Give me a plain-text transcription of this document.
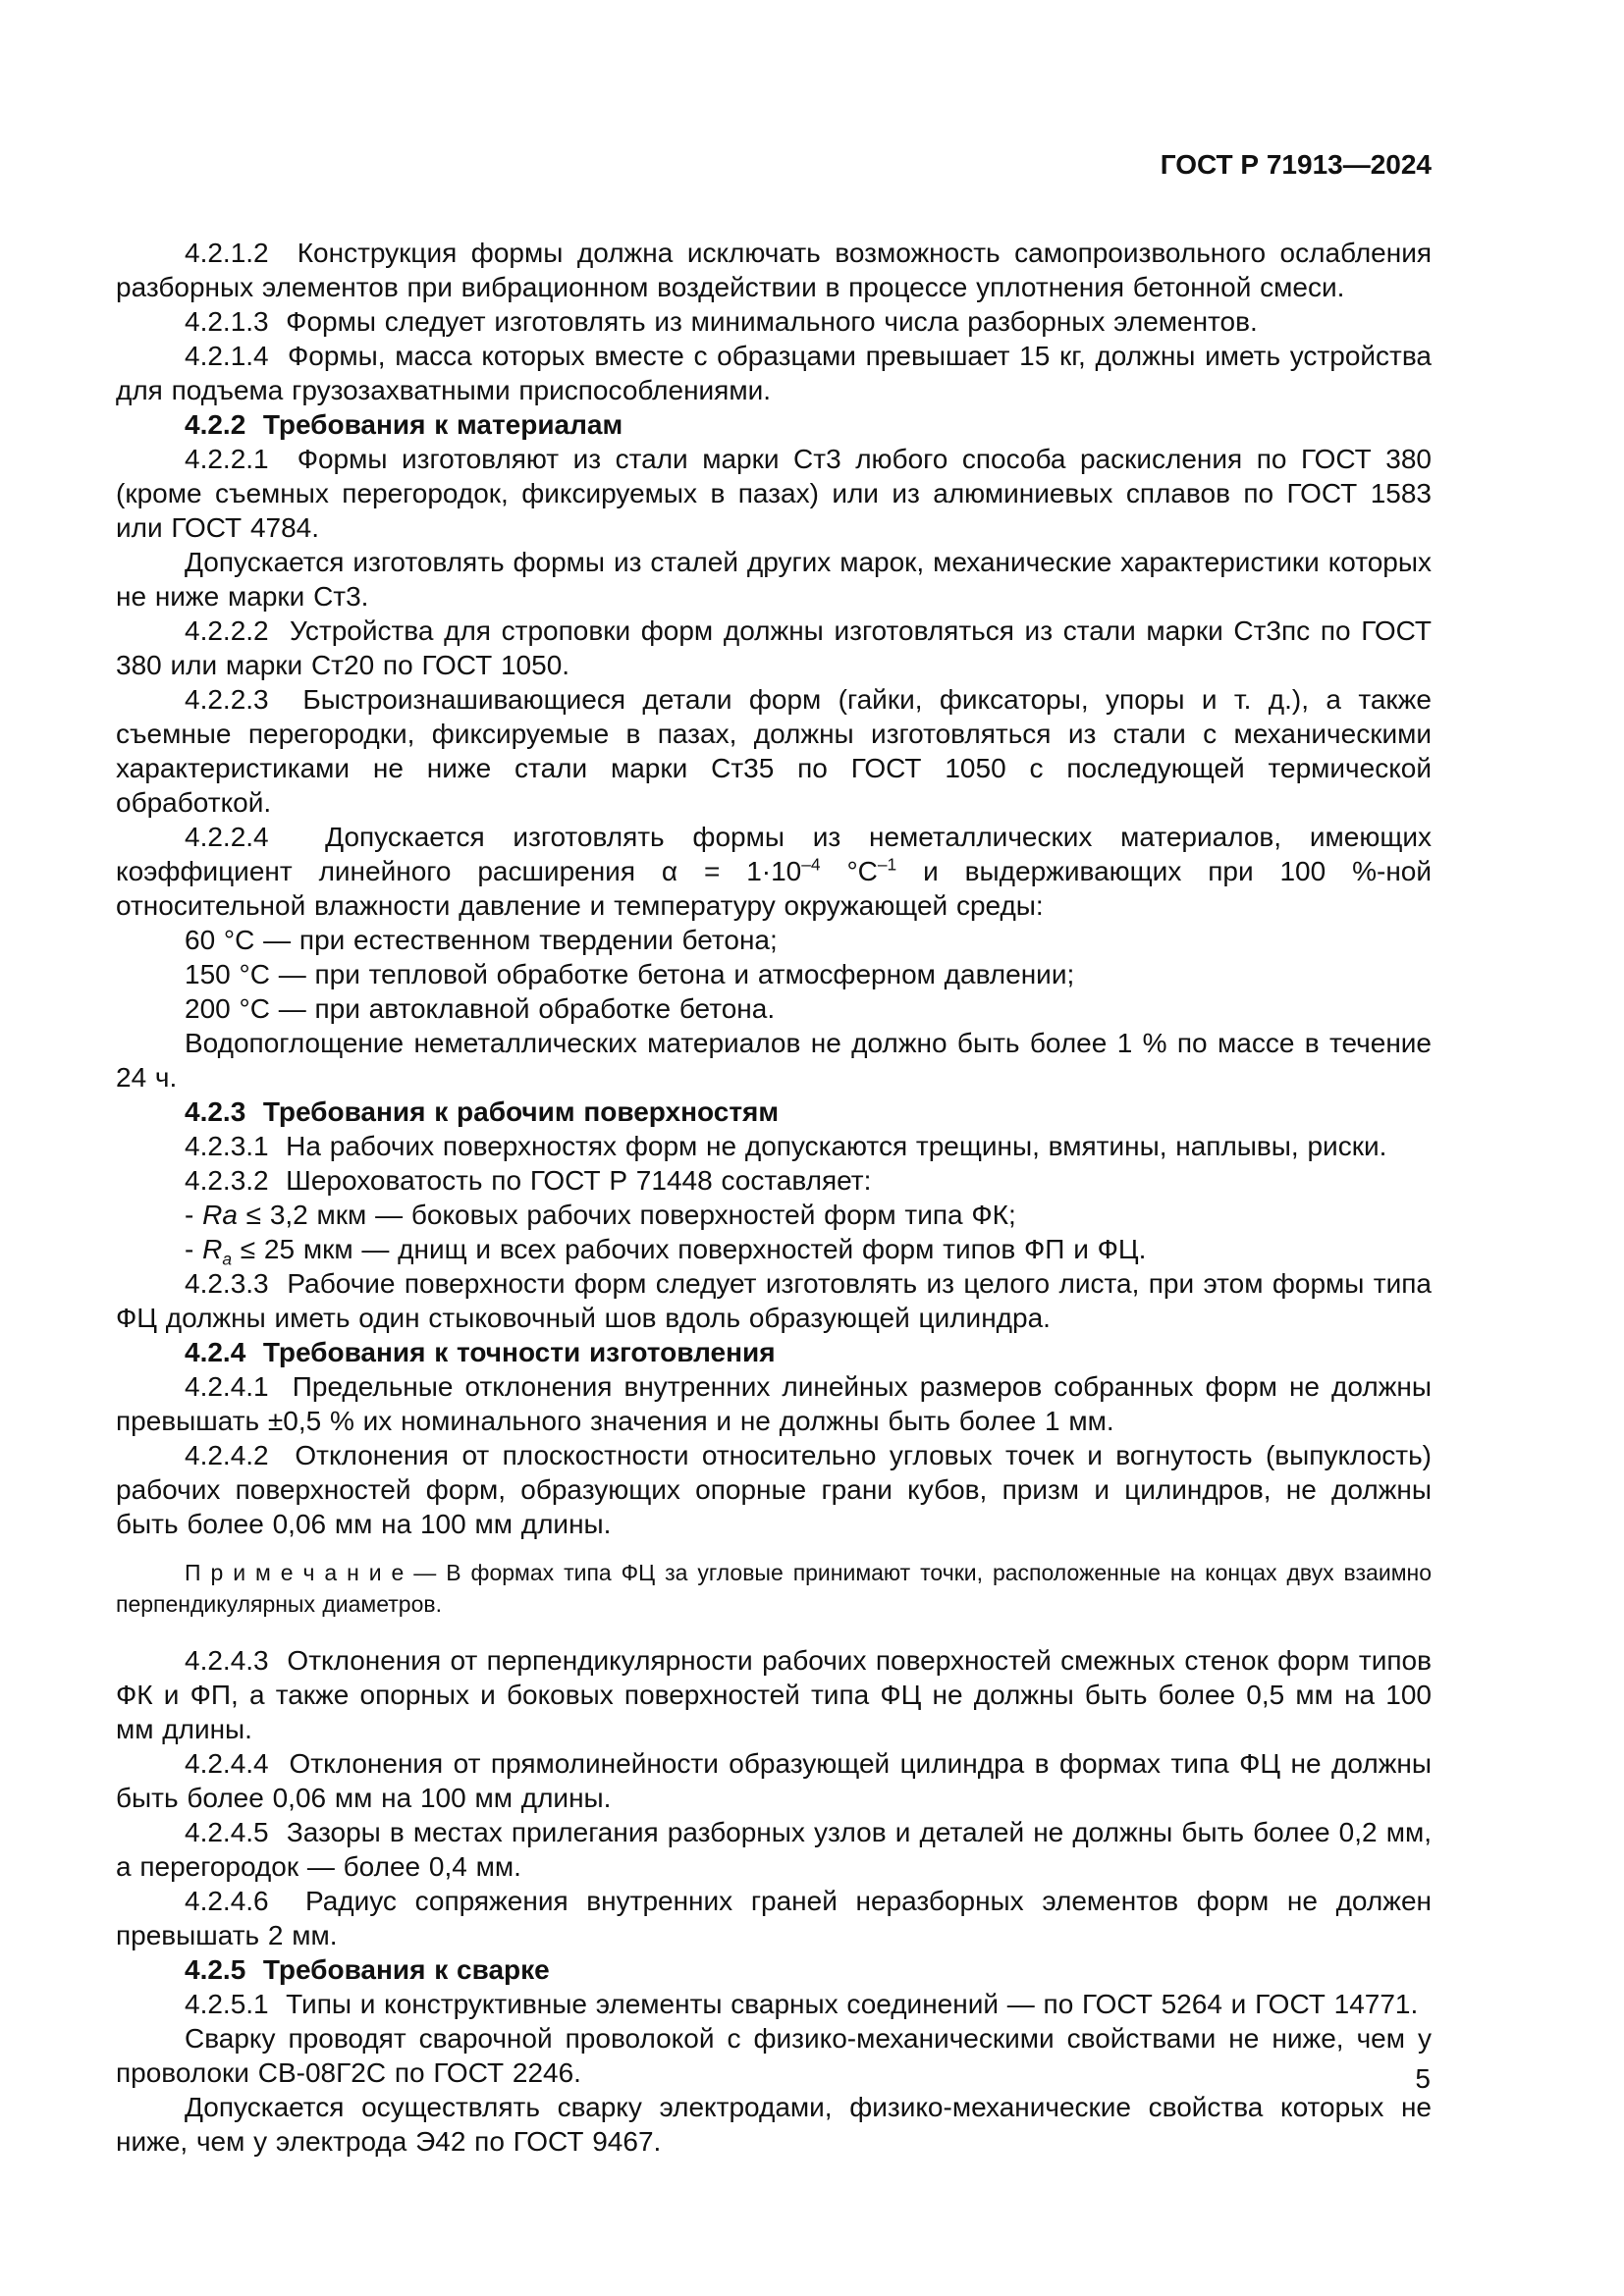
ГОСТ Р 71913—2024

4.2.1.2  Конструкция формы должна исключать возможность самопроизвольного ослабления разборных элементов при вибрационном воздействии в процессе уплотнения бетонной смеси.

4.2.1.3  Формы следует изготовлять из минимального числа разборных элементов.

4.2.1.4  Формы, масса которых вместе с образцами превышает 15 кг, должны иметь устройства для подъема грузозахватными приспособлениями.

4.2.2  Требования к материалам

4.2.2.1  Формы изготовляют из стали марки Ст3 любого способа раскисления по ГОСТ 380 (кроме съемных перегородок, фиксируемых в пазах) или из алюминиевых сплавов по ГОСТ 1583 или ГОСТ 4784.

Допускается изготовлять формы из сталей других марок, механические характеристики которых не ниже марки Ст3.

4.2.2.2  Устройства для строповки форм должны изготовляться из стали марки Ст3пс по ГОСТ 380 или марки Ст20 по ГОСТ 1050.

4.2.2.3  Быстроизнашивающиеся детали форм (гайки, фиксаторы, упоры и т. д.), а также съемные перегородки, фиксируемые в пазах, должны изготовляться из стали с механическими характеристиками не ниже стали марки Ст35 по ГОСТ 1050 с последующей термической обработкой.

4.2.2.4  Допускается изготовлять формы из неметаллических материалов, имеющих коэффициент линейного расширения $\alpha = 1\cdot 10^{-4}$ $^\circ С^{-1}$ и выдерживающих при 100 %-ной относительной влажности давление и температуру окружающей среды:

60 °С — при естественном твердении бетона;

150 °С — при тепловой обработке бетона и атмосферном давлении;

200 °С — при автоклавной обработке бетона.

Водопоглощение неметаллических материалов не должно быть более 1 % по массе в течение 24 ч.

4.2.3  Требования к рабочим поверхностям

4.2.3.1  На рабочих поверхностях форм не допускаются трещины, вмятины, наплывы, риски.

4.2.3.2  Шероховатость по ГОСТ Р 71448 составляет:

- Ra ≤ 3,2 мкм — боковых рабочих поверхностей форм типа ФК;

- $R_a \le 25$ мкм — днищ и всех рабочих поверхностей форм типов ФП и ФЦ.

4.2.3.3  Рабочие поверхности форм следует изготовлять из целого листа, при этом формы типа ФЦ должны иметь один стыковочный шов вдоль образующей цилиндра.

4.2.4  Требования к точности изготовления

4.2.4.1  Предельные отклонения внутренних линейных размеров собранных форм не должны превышать ±0,5 % их номинального значения и не должны быть более 1 мм.

4.2.4.2  Отклонения от плоскостности относительно угловых точек и вогнутость (выпуклость) рабочих поверхностей форм, образующих опорные грани кубов, призм и цилиндров, не должны быть более 0,06 мм на 100 мм длины.

П р и м е ч а н и е — В формах типа ФЦ за угловые принимают точки, расположенные на концах двух взаимно перпендикулярных диаметров.

4.2.4.3  Отклонения от перпендикулярности рабочих поверхностей смежных стенок форм типов ФК и ФП, а также опорных и боковых поверхностей типа ФЦ не должны быть более 0,5 мм на 100 мм длины.

4.2.4.4  Отклонения от прямолинейности образующей цилиндра в формах типа ФЦ не должны быть более 0,06 мм на 100 мм длины.

4.2.4.5  Зазоры в местах прилегания разборных узлов и деталей не должны быть более 0,2 мм, а перегородок — более 0,4 мм.

4.2.4.6  Радиус сопряжения внутренних граней неразборных элементов форм не должен превышать 2 мм.

4.2.5  Требования к сварке

4.2.5.1  Типы и конструктивные элементы сварных соединений — по ГОСТ 5264 и ГОСТ 14771.

Сварку проводят сварочной проволокой с физико-механическими свойствами не ниже, чем у проволоки СВ-08Г2С по ГОСТ 2246.

Допускается осуществлять сварку электродами, физико-механические свойства которых не ниже, чем у электрода Э42 по ГОСТ 9467.

5
